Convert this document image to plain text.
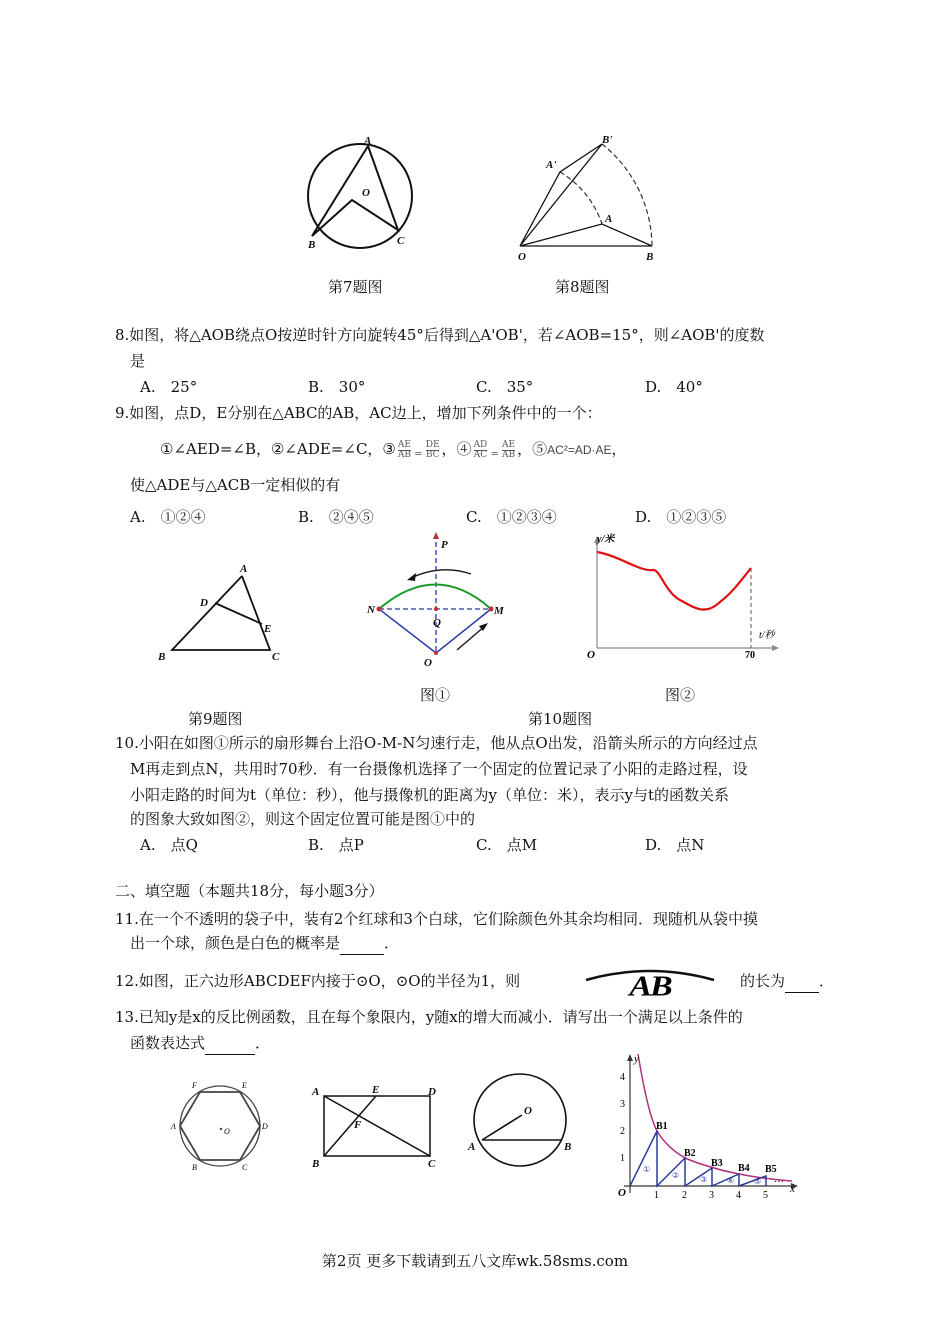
A
O
B	C
第7题图
B'
A'
A
O	B
第8题图
8.如图，将△AOB绕点O按逆时针方向旋转45°后得到△A'OB'，若∠AOB=15°，则∠AOB'的度数
是
A.　25°	B.　30°	C.　35°	D.　40°
9.如图，点D，E分别在△ABC的AB，AC边上，增加下列条件中的一个：
①∠AED=∠B，②∠ADE=∠C，③ $\frac{AE}{AB} = \frac{DE}{BC}$ ，④ $\frac{AD}{AC} = \frac{AE}{AB}$ ，⑤AC²=AD·AE，
使△ADE与△ACB一定相似的有
A.　①②④	B.　②④⑤	C.　①②③④	D.　①②③⑤
A
D
E
B	C
第9题图
P
N	M
Q
O
图①
y/米
t/秒
O	70
图②
第10题图
10.小阳在如图①所示的扇形舞台上沿O-M-N匀速行走，他从点O出发，沿箭头所示的方向经过点
M再走到点N，共用时70秒．有一台摄像机选择了一个固定的位置记录了小阳的走路过程，设
小阳走路的时间为t（单位：秒），他与摄像机的距离为y（单位：米），表示y与t的函数关系
的图象大致如图②，则这个固定位置可能是图①中的
A.　点Q	B.　点P	C.　点M	D.　点N
二、填空题（本题共18分，每小题3分）
11.在一个不透明的袋子中，装有2个红球和3个白球，它们除颜色外其余均相同．现随机从袋中摸
出一个球，颜色是白色的概率是	．
12.如图，正六边形ABCDEF内接于⊙O，⊙O的半径为1，则	AB	的长为 ．
13.已知y是x的反比例函数，且在每个象限内，y随x的增大而减小．请写出一个满足以上条件的
函数表达式	．
F	E
A	D
B	C
O
A	E	D
F
B	C
O
A	B
y
x
O
4
3
2
1
1 2 3 4 5
B1
B2
B3 B4 B5
①
②	③ ④ ⑤ …
第2页 更多下载请到五八文库wk.58sms.com
